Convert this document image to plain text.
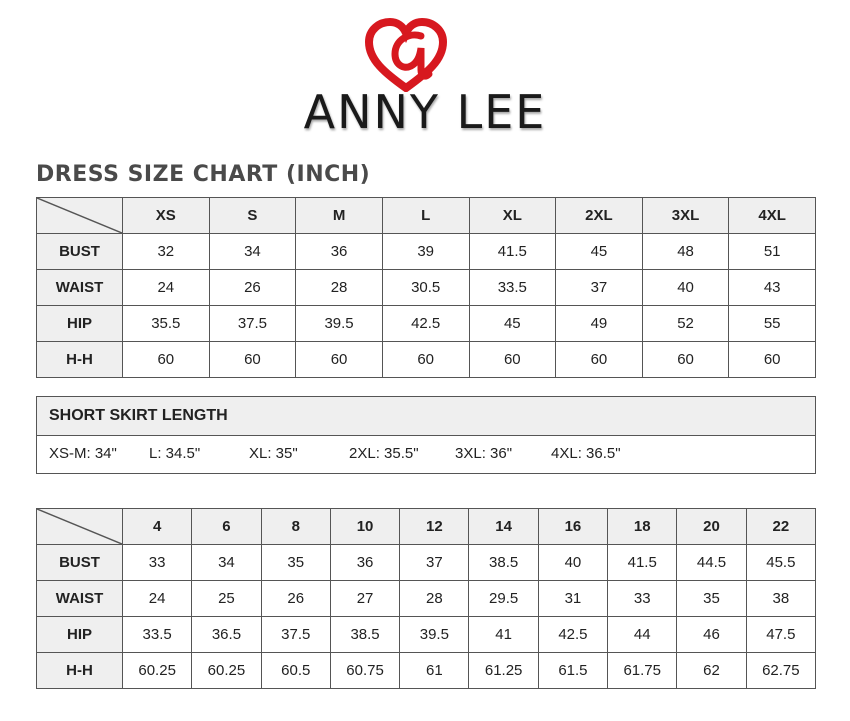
ANNY LEE
DRESS SIZE CHART (INCH)
	XS	S	M	L	XL	2XL	3XL	4XL
BUST	32	34	36	39	41.5	45	48	51
WAIST	24	26	28	30.5	33.5	37	40	43
HIP	35.5	37.5	39.5	42.5	45	49	52	55
H-H	60	60	60	60	60	60	60	60
SHORT SKIRT LENGTH
XS-M: 34" L: 34.5"	XL: 35"	2XL: 35.5" 3XL: 36"	4XL: 36.5"
	4	6	8	10	12	14	16	18	20	22
BUST	33	34	35	36	37	38.5	40	41.5	44.5	45.5
WAIST	24	25	26	27	28	29.5	31	33	35	38
HIP	33.5	36.5	37.5	38.5	39.5	41	42.5	44	46	47.5
H-H	60.25	60.25	60.5	60.75	61	61.25	61.5	61.75	62	62.75
